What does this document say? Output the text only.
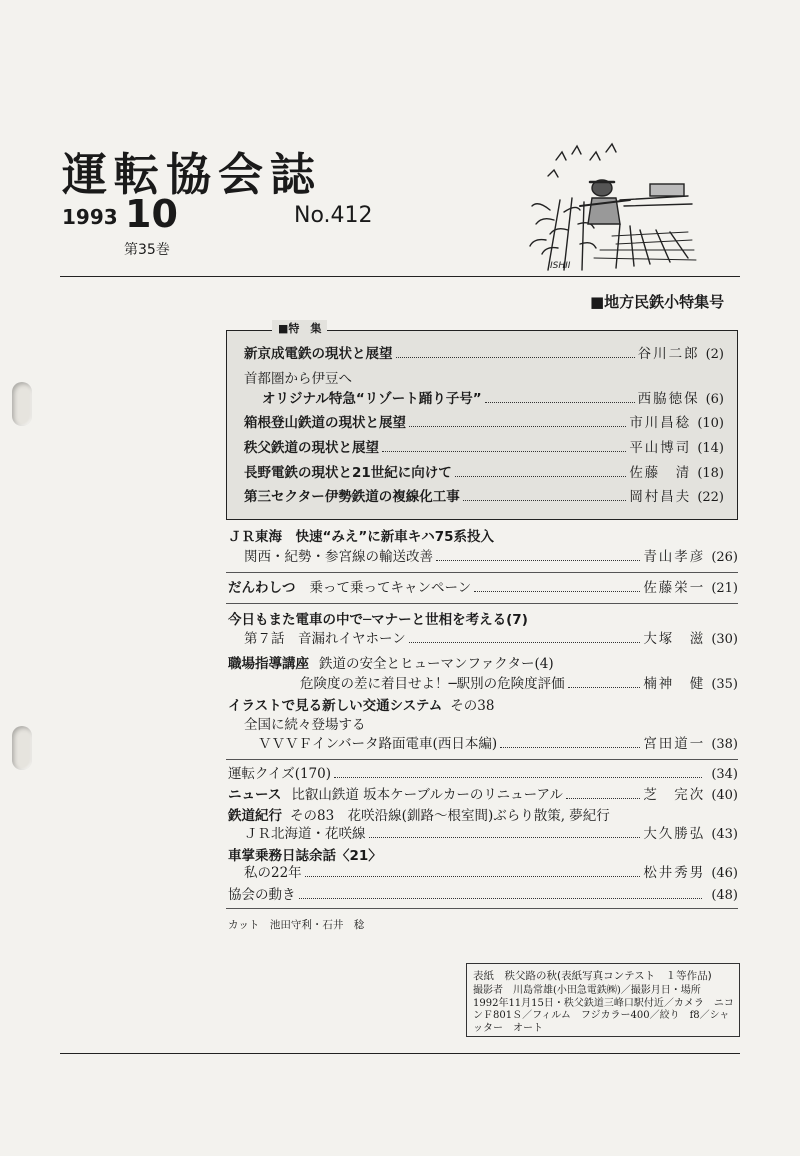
運転協会誌
1993 10
第35巻
No.412
ISHII
■地方民鉄小特集号
■特　集
新京成電鉄の現状と展望	谷川二郎 (2)
首都圏から伊豆へ
オリジナル特急“リゾート踊り子号”	西脇徳保 (6)
箱根登山鉄道の現状と展望	市川昌稔 (10)
秩父鉄道の現状と展望	平山博司 (14)
長野電鉄の現状と21世紀に向けて	佐藤　清 (18)
第三セクター伊勢鉄道の複線化工事	岡村昌夫 (22)
ＪＲ東海　快速“みえ”に新車キハ75系投入
関西・紀勢・参宮線の輸送改善	青山孝彦 (26)
だんわしつ 乗って乗ってキャンペーン	佐藤栄一 (21)
今日もまた電車の中で─マナーと世相を考える(7)
第７話　音漏れイヤホーン	大塚　滋 (30)
職場指導講座 鉄道の安全とヒューマンファクター(4)
危険度の差に着目せよ！─駅別の危険度評価	楠神　健 (35)
イラストで見る新しい交通システム その38
全国に続々登場する
ＶＶＶＦインバータ路面電車(西日本編)	宮田道一 (38)
運転クイズ(170)	(34)
ニュース 比叡山鉄道 坂本ケーブルカーのリニューアル	芝　完次 (40)
鉄道紀行 その83　花咲沿線(釧路～根室間)ぶらり散策, 夢紀行
ＪＲ北海道・花咲線	大久勝弘 (43)
車掌乗務日誌余話〈21〉
私の22年	松井秀男 (46)
協会の動き	(48)
カット　池田守利・石井　稔
表紙　秩父路の秋(表紙写真コンテスト　１等作品)

撮影者　川島常雄(小田急電鉄㈱)／撮影月日・場所　1992年11月15日・秩父鉄道三峰口駅付近／カメラ　ニコンＦ801Ｓ／フィルム　フジカラー400／絞り　f8／シャッター　オート
